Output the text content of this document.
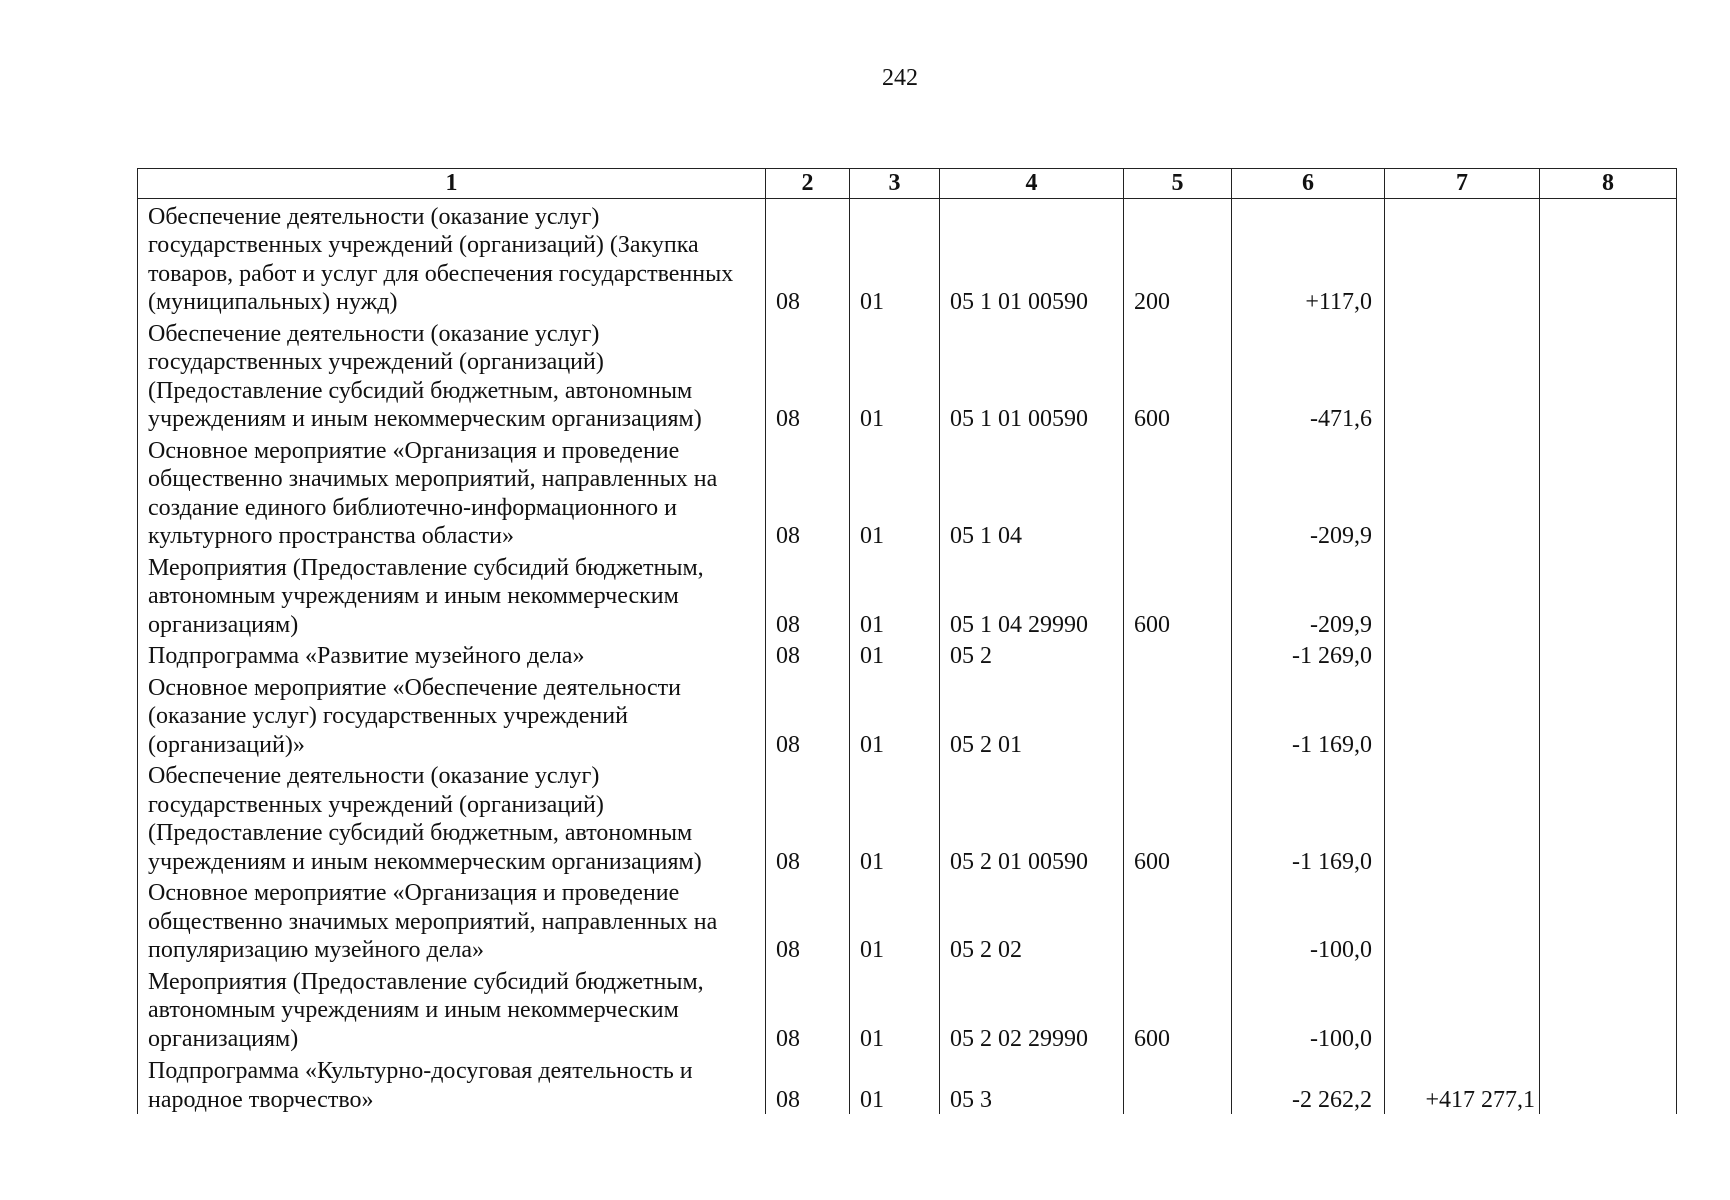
242
1	2	3	4	5	6	7	8
Обеспечение деятельности (оказание услуг) государственных учреждений (организаций) (Закупка товаров, работ и услуг для обеспечения государственных (муниципальных) нужд)	08	01	05 1 01 00590	200	+117,0		
Обеспечение деятельности (оказание услуг) государственных учреждений (организаций) (Предоставление субсидий бюджетным, автономным учреждениям и иным некоммерческим организациям)	08	01	05 1 01 00590	600	-471,6		
Основное мероприятие «Организация и проведение общественно значимых мероприятий, направленных на создание единого библиотечно-информационного и культурного пространства области»	08	01	05 1 04		-209,9		
Мероприятия (Предоставление субсидий бюджетным, автономным учреждениям и иным некоммерческим организациям)	08	01	05 1 04 29990	600	-209,9		
Подпрограмма «Развитие музейного дела»	08	01	05 2		-1 269,0		
Основное мероприятие «Обеспечение деятельности (оказание услуг) государственных учреждений (организаций)»	08	01	05 2 01		-1 169,0		
Обеспечение деятельности (оказание услуг) государственных учреждений (организаций) (Предоставление субсидий бюджетным, автономным учреждениям и иным некоммерческим организациям)	08	01	05 2 01 00590	600	-1 169,0		
Основное мероприятие «Организация и проведение общественно значимых мероприятий, направленных на популяризацию музейного дела»	08	01	05 2 02		-100,0		
Мероприятия (Предоставление субсидий бюджетным, автономным учреждениям и иным некоммерческим организациям)	08	01	05 2 02 29990	600	-100,0		
Подпрограмма «Культурно-досуговая деятельность и народное творчество»	08	01	05 3		-2 262,2	+417 277,1	
